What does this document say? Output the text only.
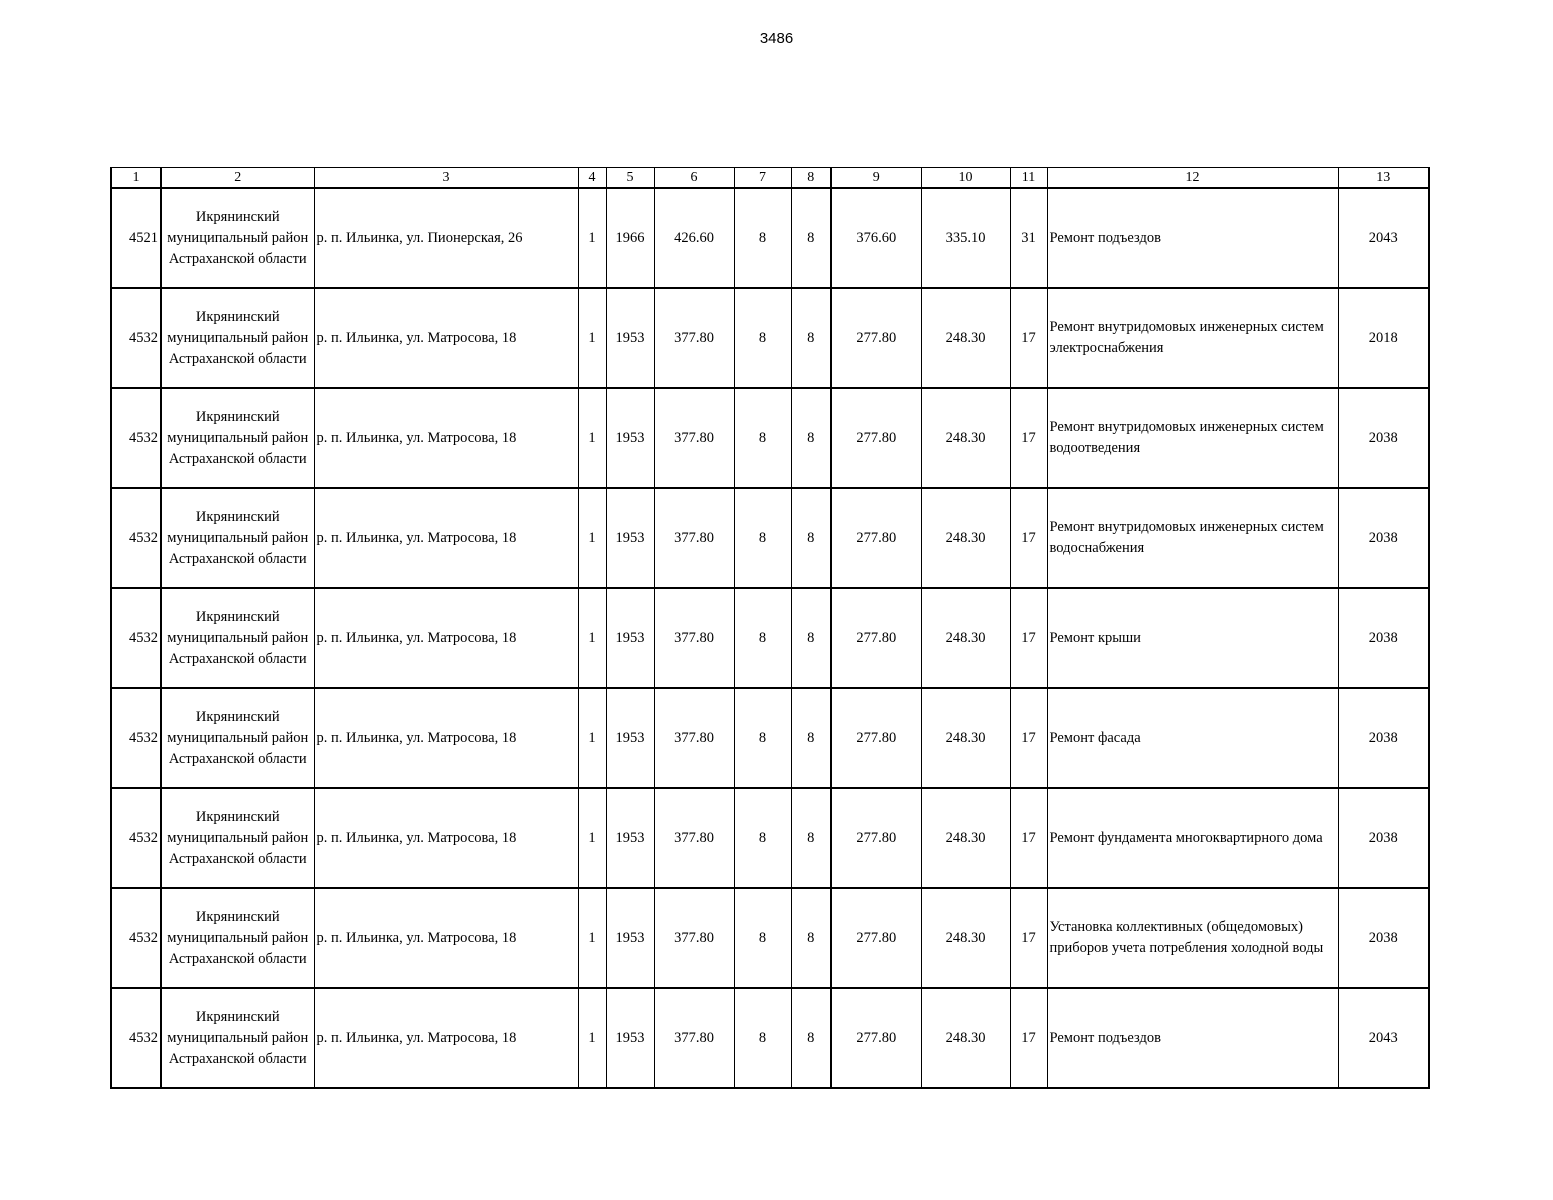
3486
1	2	3	4	5	6	7	8	9	10	11	12	13
4521	Икрянинский муниципальный район Астраханской области	р. п. Ильинка, ул. Пионерская, 26	1	1966	426.60	8	8	376.60	335.10	31	Ремонт подъездов	2043
4532	Икрянинский муниципальный район Астраханской области	р. п. Ильинка, ул. Матросова, 18	1	1953	377.80	8	8	277.80	248.30	17	Ремонт внутридомовых инженерных систем электроснабжения	2018
4532	Икрянинский муниципальный район Астраханской области	р. п. Ильинка, ул. Матросова, 18	1	1953	377.80	8	8	277.80	248.30	17	Ремонт внутридомовых инженерных систем водоотведения	2038
4532	Икрянинский муниципальный район Астраханской области	р. п. Ильинка, ул. Матросова, 18	1	1953	377.80	8	8	277.80	248.30	17	Ремонт внутридомовых инженерных систем водоснабжения	2038
4532	Икрянинский муниципальный район Астраханской области	р. п. Ильинка, ул. Матросова, 18	1	1953	377.80	8	8	277.80	248.30	17	Ремонт крыши	2038
4532	Икрянинский муниципальный район Астраханской области	р. п. Ильинка, ул. Матросова, 18	1	1953	377.80	8	8	277.80	248.30	17	Ремонт фасада	2038
4532	Икрянинский муниципальный район Астраханской области	р. п. Ильинка, ул. Матросова, 18	1	1953	377.80	8	8	277.80	248.30	17	Ремонт фундамента многоквартирного дома	2038
4532	Икрянинский муниципальный район Астраханской области	р. п. Ильинка, ул. Матросова, 18	1	1953	377.80	8	8	277.80	248.30	17	Установка коллективных (общедомовых) приборов учета потребления холодной воды	2038
4532	Икрянинский муниципальный район Астраханской области	р. п. Ильинка, ул. Матросова, 18	1	1953	377.80	8	8	277.80	248.30	17	Ремонт подъездов	2043
